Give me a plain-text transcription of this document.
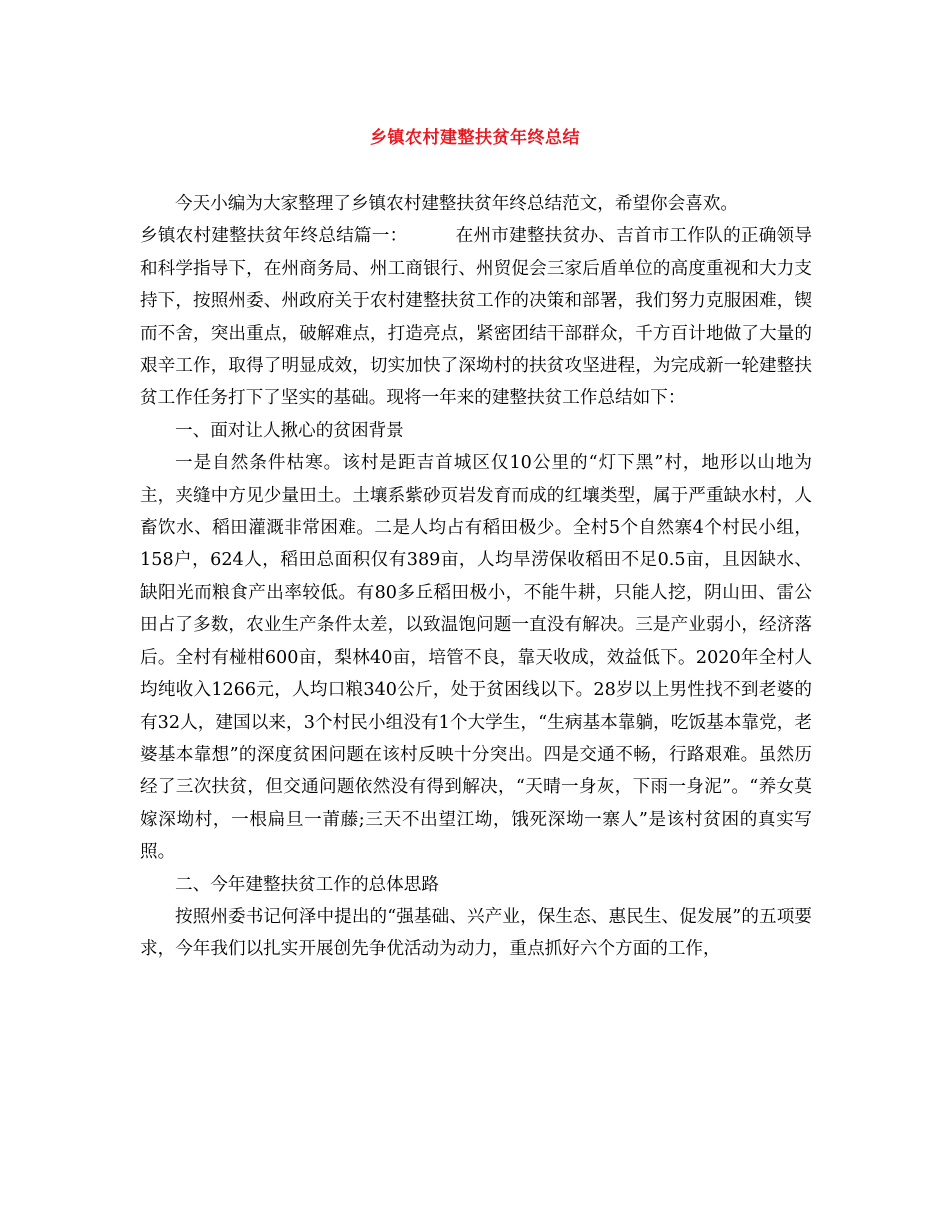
乡镇农村建整扶贫年终总结

今天小编为大家整理了乡镇农村建整扶贫年终总结范文，希望你会喜欢。

乡镇农村建整扶贫年终总结篇一：	在州市建整扶贫办、吉首市工作队的正确领导和科学指导下，在州商务局、州工商银行、州贸促会三家后盾单位的高度重视和大力支持下，按照州委、州政府关于农村建整扶贫工作的决策和部署，我们努力克服困难，锲而不舍，突出重点，破解难点，打造亮点，紧密团结干部群众，千方百计地做了大量的艰辛工作，取得了明显成效，切实加快了深坳村的扶贫攻坚进程，为完成新一轮建整扶贫工作任务打下了坚实的基础。现将一年来的建整扶贫工作总结如下：

一、面对让人揪心的贫困背景

一是自然条件枯寒。该村是距吉首城区仅10公里的“灯下黑”村，地形以山地为主，夹缝中方见少量田土。土壤系紫砂页岩发育而成的红壤类型，属于严重缺水村，人畜饮水、稻田灌溉非常困难。二是人均占有稻田极少。全村5个自然寨4个村民小组，158户，624人，稻田总面积仅有389亩，人均旱涝保收稻田不足0.5亩，且因缺水、缺阳光而粮食产出率较低。有80多丘稻田极小，不能牛耕，只能人挖，阴山田、雷公田占了多数，农业生产条件太差，以致温饱问题一直没有解决。三是产业弱小，经济落后。全村有椪柑600亩，梨林40亩，培管不良，靠天收成，效益低下。2020年全村人均纯收入1266元，人均口粮340公斤，处于贫困线以下。28岁以上男性找不到老婆的有32人，建国以来，3个村民小组没有1个大学生，“生病基本靠躺，吃饭基本靠党，老婆基本靠想”的深度贫困问题在该村反映十分突出。四是交通不畅，行路艰难。虽然历经了三次扶贫，但交通问题依然没有得到解决，“天晴一身灰，下雨一身泥”。“养女莫嫁深坳村，一根扁旦一莆藤;三天不出望江坳，饿死深坳一寨人”是该村贫困的真实写照。

二、今年建整扶贫工作的总体思路

按照州委书记何泽中提出的“强基础、兴产业，保生态、惠民生、促发展”的五项要求，今年我们以扎实开展创先争优活动为动力，重点抓好六个方面的工作，
